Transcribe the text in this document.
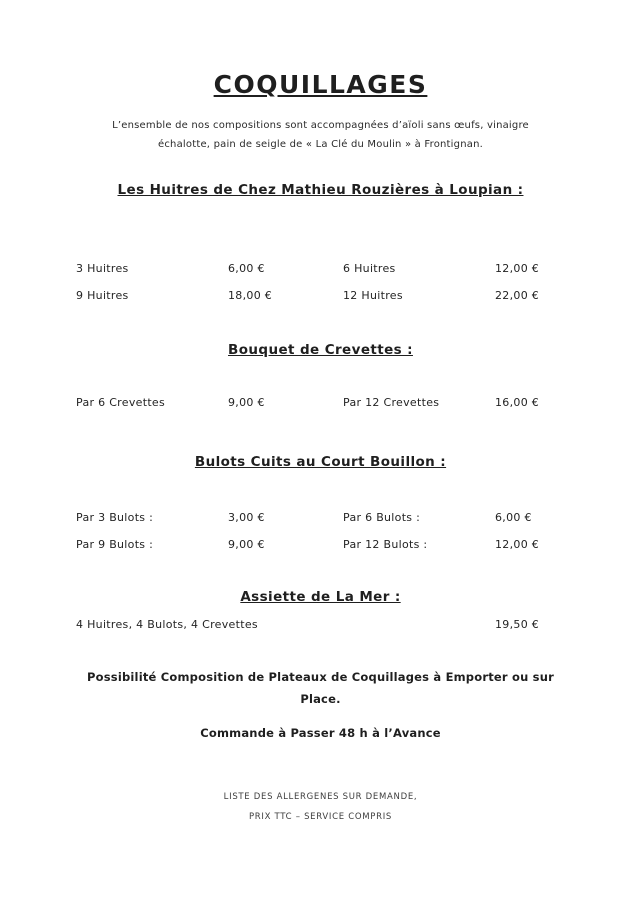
COQUILLAGES

L’ensemble de nos compositions sont accompagnées d’aïoli sans œufs, vinaigre
échalotte, pain de seigle de « La Clé du Moulin » à Frontignan.

Les Huitres de Chez Mathieu Rouzières à Loupian :
3 Huitres	6,00 €	6 Huitres	12,00 €
9 Huitres	18,00 €	12 Huitres	22,00 €
Bouquet de Crevettes :
Par 6 Crevettes	9,00 €	Par 12 Crevettes	16,00 €
Bulots Cuits au Court Bouillon :
Par 3 Bulots :	3,00 €	Par 6 Bulots :	6,00 €
Par 9 Bulots :	9,00 €	Par 12 Bulots :	12,00 €
Assiette de La Mer :
4 Huitres, 4 Bulots, 4 Crevettes	19,50 €

Possibilité Composition de Plateaux de Coquillages à Emporter ou sur
Place.

Commande à Passer 48 h à l’Avance

LISTE DES ALLERGENES SUR DEMANDE,
PRIX TTC – SERVICE COMPRIS
